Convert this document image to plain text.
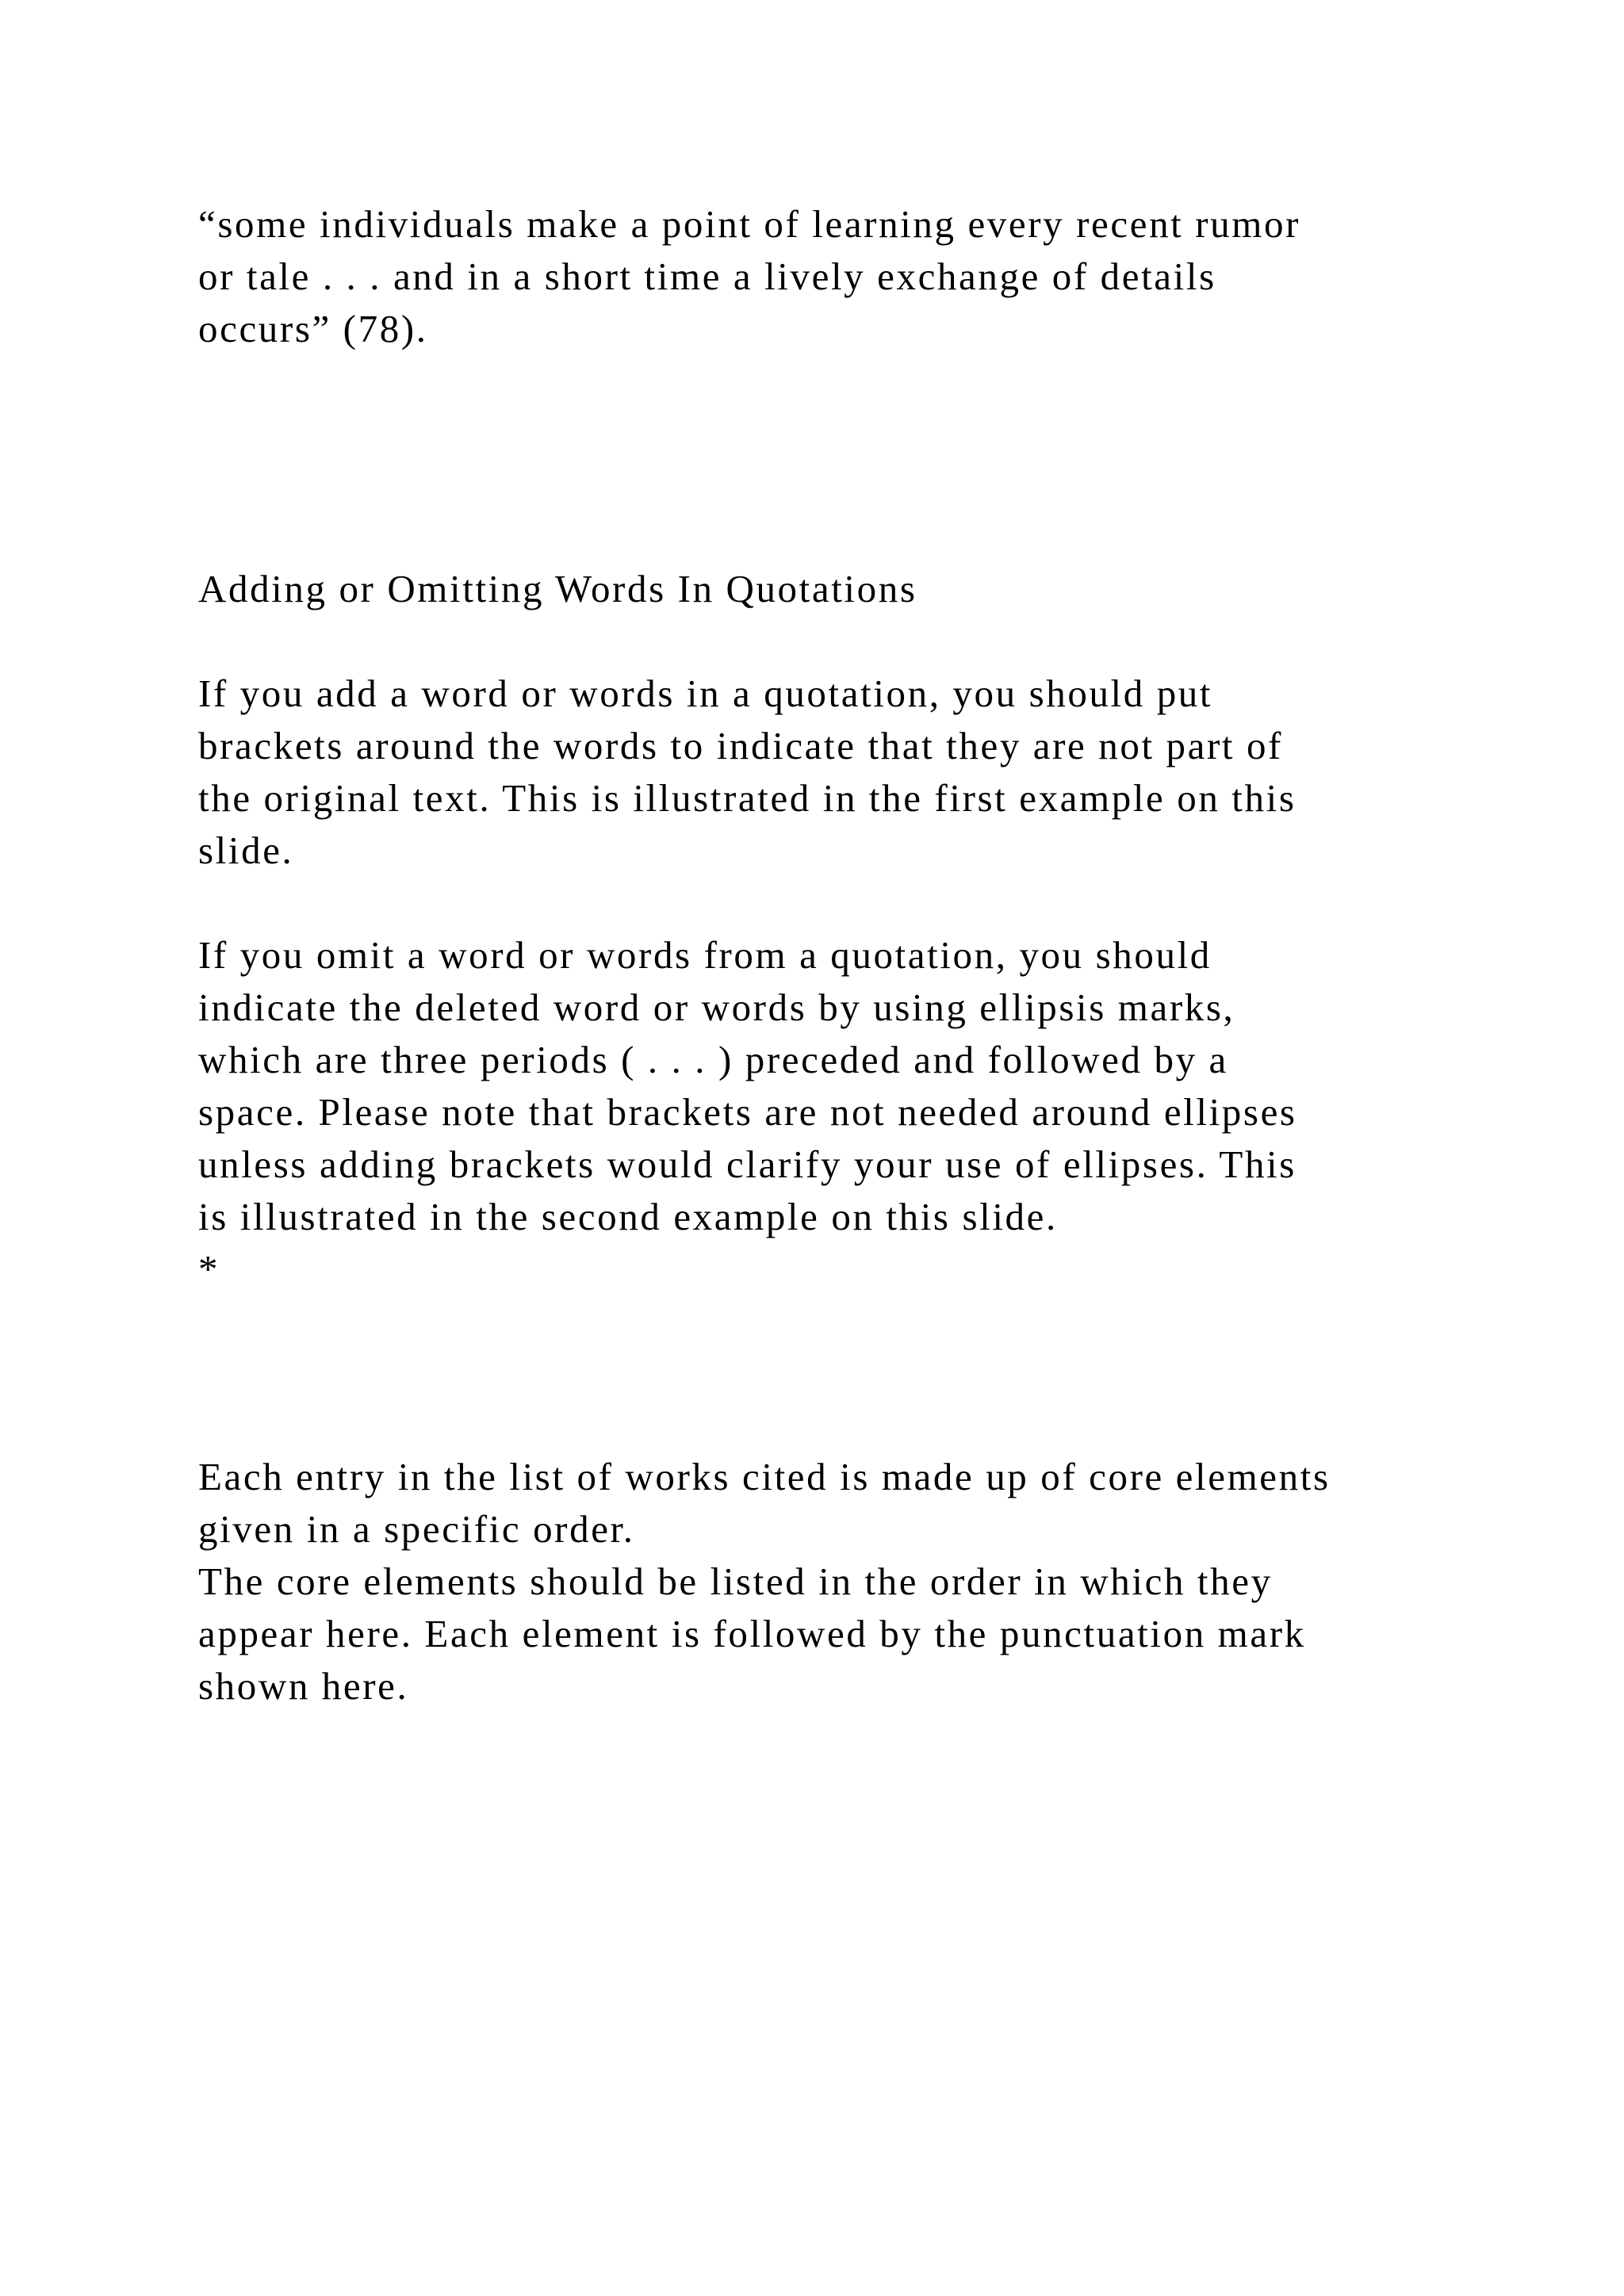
“some individuals make a point of learning every recent rumor

or tale . . . and in a short time a lively exchange of details

occurs” (78).

Adding or Omitting Words In Quotations

If you add a word or words in a quotation, you should put

brackets around the words to indicate that they are not part of

the original text. This is illustrated in the first example on this

slide.

If you omit a word or words from a quotation, you should

indicate the deleted word or words by using ellipsis marks,

which are three periods ( . . . ) preceded and followed by a

space. Please note that brackets are not needed around ellipses

unless adding brackets would clarify your use of ellipses. This

is illustrated in the second example on this slide.

*

Each entry in the list of works cited is made up of core elements

given in a specific order.

The core elements should be listed in the order in which they

appear here. Each element is followed by the punctuation mark

shown here.
